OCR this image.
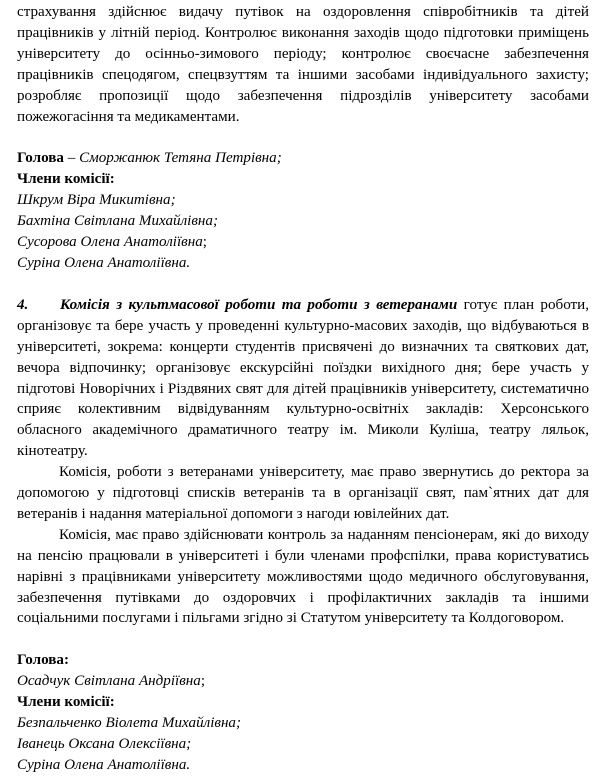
страхування здійснює видачу путівок на оздоровлення співробітників та дітей працівників у літній період. Контролює виконання заходів щодо підготовки приміщень університету до осінньо-зимового періоду; контролює своєчасне забезпечення працівників спецодягом, спецвзуттям та іншими засобами індивідуального захисту; розробляє пропозиції щодо забезпечення підрозділів університету засобами пожежогасіння та медикаментами.

Голова – Сморжанюк Тетяна Петрівна;

Члени комісії:

Шкрум Віра Микитівна;

Бахтіна Світлана Михайлівна;

Сусорова Олена Анатоліївна;

Суріна Олена Анатоліївна.

4. Комісія з культмасової роботи та роботи з ветеранами готує план роботи, організовує та бере участь у проведенні культурно-масових заходів, що відбуваються в університеті, зокрема: концерти студентів присвячені до визначних та святкових дат, вечора відпочинку; організовує екскурсійні поїздки вихідного дня; бере участь у підготові Новорічних і Різдвяних свят для дітей працівників університету, систематично сприяє колективним відвідуванням культурно-освітніх закладів: Херсонського обласного академічного драматичного театру ім. Миколи Куліша, театру ляльок, кінотеатру.

Комісія, роботи з ветеранами університету, має право звернутись до ректора за допомогою у підготовці списків ветеранів та в організації свят, пам`ятних дат для ветеранів і надання матеріальної допомоги з нагоди ювілейних дат.

Комісія, має право здійснювати контроль за наданням пенсіонерам, які до виходу на пенсію працювали в університеті і були членами профспілки, права користуватись нарівні з працівниками університету можливостями щодо медичного обслуговування, забезпечення путівками до оздоровчих і профілактичних закладів та іншими соціальними послугами і пільгами згідно зі Статутом університету та Колдоговором.

Голова:

Осадчук Світлана Андріївна;

Члени комісії:

Безпальченко Віолета Михайлівна;

Іванець Оксана Олексіївна;

Суріна Олена Анатоліївна.
